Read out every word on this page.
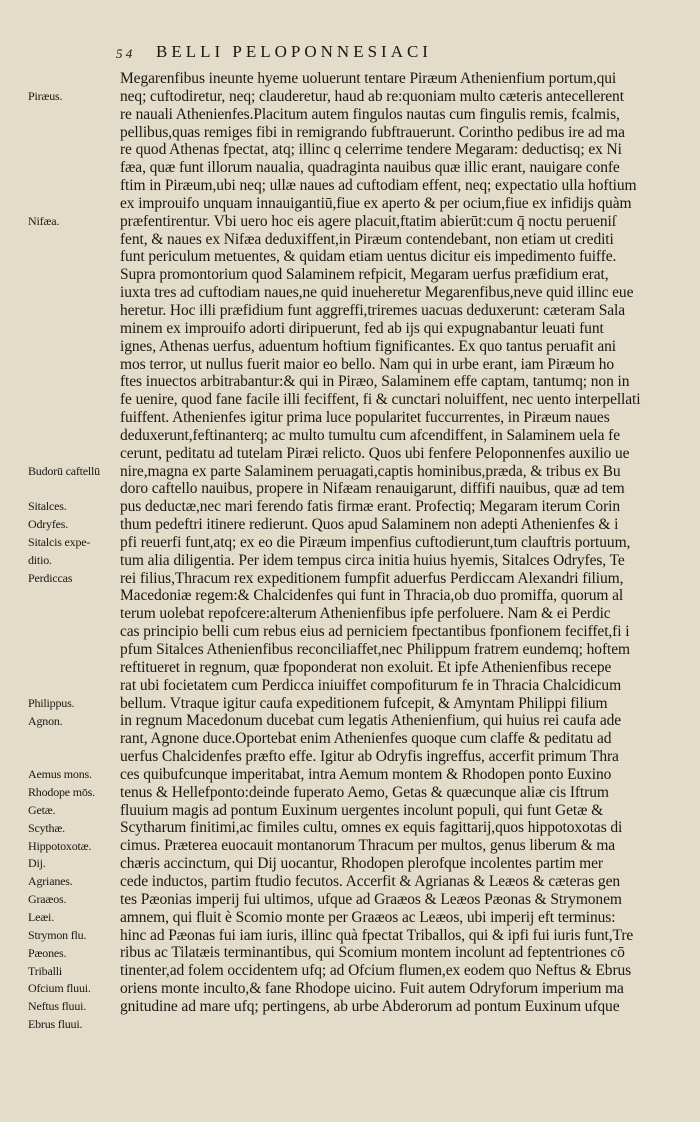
5 4 BELLI PELOPONNESIACI
Piræus.
Nifæa.
Budorū caftellū
Sitalces.
Odryfes.
Sitalcis expe-
ditio.
Perdiccas
Philippus.
Agnon.
Aemus mons.
Rhodope mōs.
Getæ.
Scythæ.
Hippotoxotæ.
Dij.
Agrianes.
Graæos.
Leæi.
Strymon flu.
Pæones.
Triballi
Ofcium fluui.
Neftus fluui.
Ebrus fluui.
Megarenfibus ineunte hyeme uoluerunt tentare Piræum Athenienfium portum,qui
neq; cuftodiretur, neq; clauderetur, haud ab re:quoniam multo cæteris antecellerent
re nauali Athenienfes.Placitum autem fingulos nautas cum fingulis remis, fcalmis,
pellibus,quas remiges fibi in remigrando fubftrauerunt. Corintho pedibus ire ad ma
re quod Athenas fpectat, atq; illinc q celerrime tendere Megaram: deductisq; ex Ni
fæa, quæ funt illorum naualia, quadraginta nauibus quæ illic erant, nauigare confe
ftim in Piræum,ubi neq; ullæ naues ad cuftodiam effent, neq; expectatio ulla hoftium
ex improuifo unquam innauigantiū,fiue ex aperto & per ocium,fiue ex infidijs quàm
præfentirentur. Vbi uero hoc eis agere placuit,ftatim abierūt:cum q̄ noctu perueniſ
fent, & naues ex Nifæa deduxiffent,in Piræum contendebant, non etiam ut crediti
funt periculum metuentes, & quidam etiam uentus dicitur eis impedimento fuiffe.
Supra promontorium quod Salaminem refpicit, Megaram uerfus præfidium erat,
iuxta tres ad cuftodiam naues,ne quid inueheretur Megarenfibus,neve quid illinc eue
heretur. Hoc illi præfidium funt aggreffi,triremes uacuas deduxerunt: cæteram Sala
minem ex improuifo adorti diripuerunt, fed ab ijs qui expugnabantur leuati funt
ignes, Athenas uerfus, aduentum hoftium fignificantes. Ex quo tantus peruafit ani
mos terror, ut nullus fuerit maior eo bello. Nam qui in urbe erant, iam Piræum ho
ftes inuectos arbitrabantur:& qui in Piræo, Salaminem effe captam, tantumq; non in
fe uenire, quod fane facile illi feciffent, fi & cunctari noluiffent, nec uento interpellati
fuiffent. Athenienfes igitur prima luce popularitet fuccurrentes, in Piræum naues
deduxerunt,feftinanterq; ac multo tumultu cum afcendiffent, in Salaminem uela fe
cerunt, peditatu ad tutelam Piræi relicto. Quos ubi fenfere Peloponnenfes auxilio ue
nire,magna ex parte Salaminem peruagati,captis hominibus,præda, & tribus ex Bu
doro caftello nauibus, propere in Nifæam renauigarunt, diffifi nauibus, quæ ad tem
pus deductæ,nec mari ferendo fatis firmæ erant. Profectiq; Megaram iterum Corin
thum pedeftri itinere redierunt. Quos apud Salaminem non adepti Athenienfes & i
pfi reuerfi funt,atq; ex eo die Piræum impenfius cuftodierunt,tum clauftris portuum,
tum alia diligentia. Per idem tempus circa initia huius hyemis, Sitalces Odryfes, Te
rei filius,Thracum rex expeditionem fumpfit aduerfus Perdiccam Alexandri filium,
Macedoniæ regem:& Chalcidenfes qui funt in Thracia,ob duo promiffa, quorum al
terum uolebat repofcere:alterum Athenienfibus ipfe perfoluere. Nam & ei Perdic
cas principio belli cum rebus eius ad perniciem fpectantibus fponfionem feciffet,fi i
pfum Sitalces Athenienfibus reconciliaffet,nec Philippum fratrem eundemq; hoftem
reftitueret in regnum, quæ fpoponderat non exoluit. Et ipfe Athenienfibus recepe
rat ubi focietatem cum Perdicca iniuiffet compofiturum fe in Thracia Chalcidicum
bellum. Vtraque igitur caufa expeditionem fufcepit, & Amyntam Philippi filium
in regnum Macedonum ducebat cum legatis Athenienfium, qui huius rei caufa ade
rant, Agnone duce.Oportebat enim Athenienfes quoque cum claffe & peditatu ad
uerfus Chalcidenfes præfto effe. Igitur ab Odryfis ingreffus, accerfit primum Thra
ces quibufcunque imperitabat, intra Aemum montem & Rhodopen ponto Euxino
tenus & Hellefponto:deinde fuperato Aemo, Getas & quæcunque aliæ cis Iftrum
fluuium magis ad pontum Euxinum uergentes incolunt populi, qui funt Getæ &
Scytharum finitimi,ac fimiles cultu, omnes ex equis fagittarij,quos hippotoxotas di
cimus. Præterea euocauit montanorum Thracum per multos, genus liberum & ma
chæris accinctum, qui Dij uocantur, Rhodopen plerofque incolentes partim mer
cede inductos, partim ftudio fecutos. Accerfit & Agrianas & Leæos & cæteras gen
tes Pæonias imperij fui ultimos, ufque ad Graæos & Leæos Pæonas & Strymonem
amnem, qui fluit è Scomio monte per Graæos ac Leæos, ubi imperij eft terminus:
hinc ad Pæonas fui iam iuris, illinc quà fpectat Triballos, qui & ipfi fui iuris funt,Tre
ribus ac Tilatæis terminantibus, qui Scomium montem incolunt ad feptentriones cō
tinenter,ad folem occidentem ufq; ad Ofcium flumen,ex eodem quo Neftus & Ebrus
oriens monte inculto,& fane Rhodope uicino. Fuit autem Odryforum imperium ma
gnitudine ad mare ufq; pertingens, ab urbe Abderorum ad pontum Euxinum ufque
